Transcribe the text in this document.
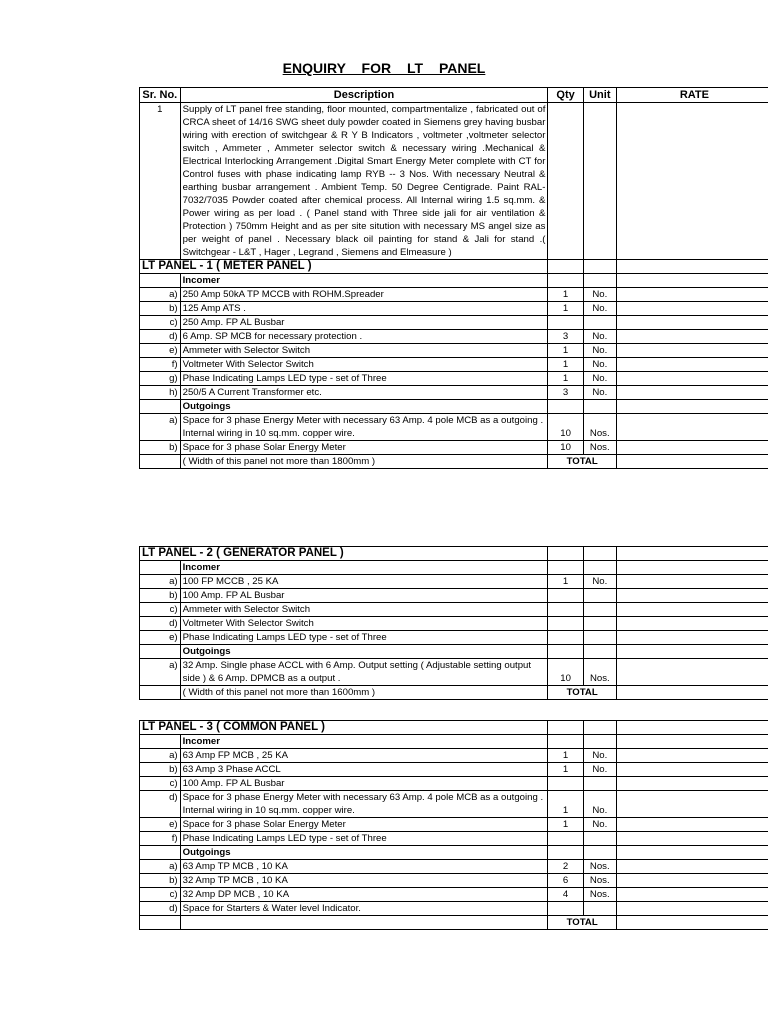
ENQUIRY FOR LT PANEL
Sr. No.	Description	Qty	Unit	RATE
1	Supply of LT panel free standing, floor mounted, compartmentalize , fabricated out of CRCA sheet of 14/16 SWG sheet duly powder coated in Siemens grey having busbar wiring with erection of switchgear & R Y B Indicators , voltmeter ,voltmeter selector switch , Ammeter , Ammeter selector switch & necessary wiring .Mechanical & Electrical Interlocking Arrangement .Digital Smart Energy Meter complete with CT for Control fuses with phase indicating lamp RYB -- 3 Nos. With necessary Neutral & earthing busbar arrangement . Ambient Temp. 50 Degree Centigrade. Paint RAL- 7032/7035 Powder coated after chemical process. All Internal wiring 1.5 sq.mm. & Power wiring as per load . ( Panel stand with Three side jali for air ventilation & Protection ) 750mm Height and as per site sitution with necessary MS angel size as per weight of panel . Necessary black oil painting for stand & Jali for stand .( Switchgear - L&T , Hager , Legrand , Siemens and Elmeasure )			
LT PANEL - 1 ( METER PANEL )				
	Incomer			
a)	250 Amp 50kA TP MCCB with ROHM.Spreader	1	No.	
b)	125 Amp ATS .	1	No.	
c)	250 Amp. FP AL Busbar			
d)	6 Amp. SP MCB for necessary protection .	3	No.	
e)	Ammeter with Selector Switch	1	No.	
f)	Voltmeter With Selector Switch	1	No.	
g)	Phase Indicating Lamps LED type - set of Three	1	No.	
h)	250/5 A Current Transformer etc.	3	No.	
	Outgoings			
a)	Space for 3 phase Energy Meter with necessary 63 Amp. 4 pole MCB as a outgoing . Internal wiring in 10 sq.mm. copper wire.	10	Nos.	
b)	Space for 3 phase Solar Energy Meter	10	Nos.	
	( Width of this panel not more than 1800mm )	TOTAL		
LT PANEL - 2 ( GENERATOR PANEL )				
	Incomer			
a)	100 FP MCCB , 25 KA	1	No.	
b)	100 Amp. FP AL Busbar			
c)	Ammeter with Selector Switch			
d)	Voltmeter With Selector Switch			
e)	Phase Indicating Lamps LED type - set of Three			
	Outgoings			
a)	32 Amp. Single phase ACCL with 6 Amp. Output setting ( Adjustable setting output side ) & 6 Amp. DPMCB as a output .	10	Nos.	
	( Width of this panel not more than 1600mm )	TOTAL		
LT PANEL - 3 ( COMMON PANEL )				
	Incomer			
a)	63 Amp FP MCB , 25 KA	1	No.	
b)	63 Amp 3 Phase ACCL	1	No.	
c)	100 Amp. FP AL Busbar			
d)	Space for 3 phase Energy Meter with necessary 63 Amp. 4 pole MCB as a outgoing . Internal wiring in 10 sq.mm. copper wire.	1	No.	
e)	Space for 3 phase Solar Energy Meter	1	No.	
f)	Phase Indicating Lamps LED type - set of Three			
	Outgoings			
a)	63 Amp TP MCB , 10 KA	2	Nos.	
b)	32 Amp TP MCB , 10 KA	6	Nos.	
c)	32 Amp DP MCB , 10 KA	4	Nos.	
d)	Space for Starters & Water level Indicator.			
		TOTAL		
